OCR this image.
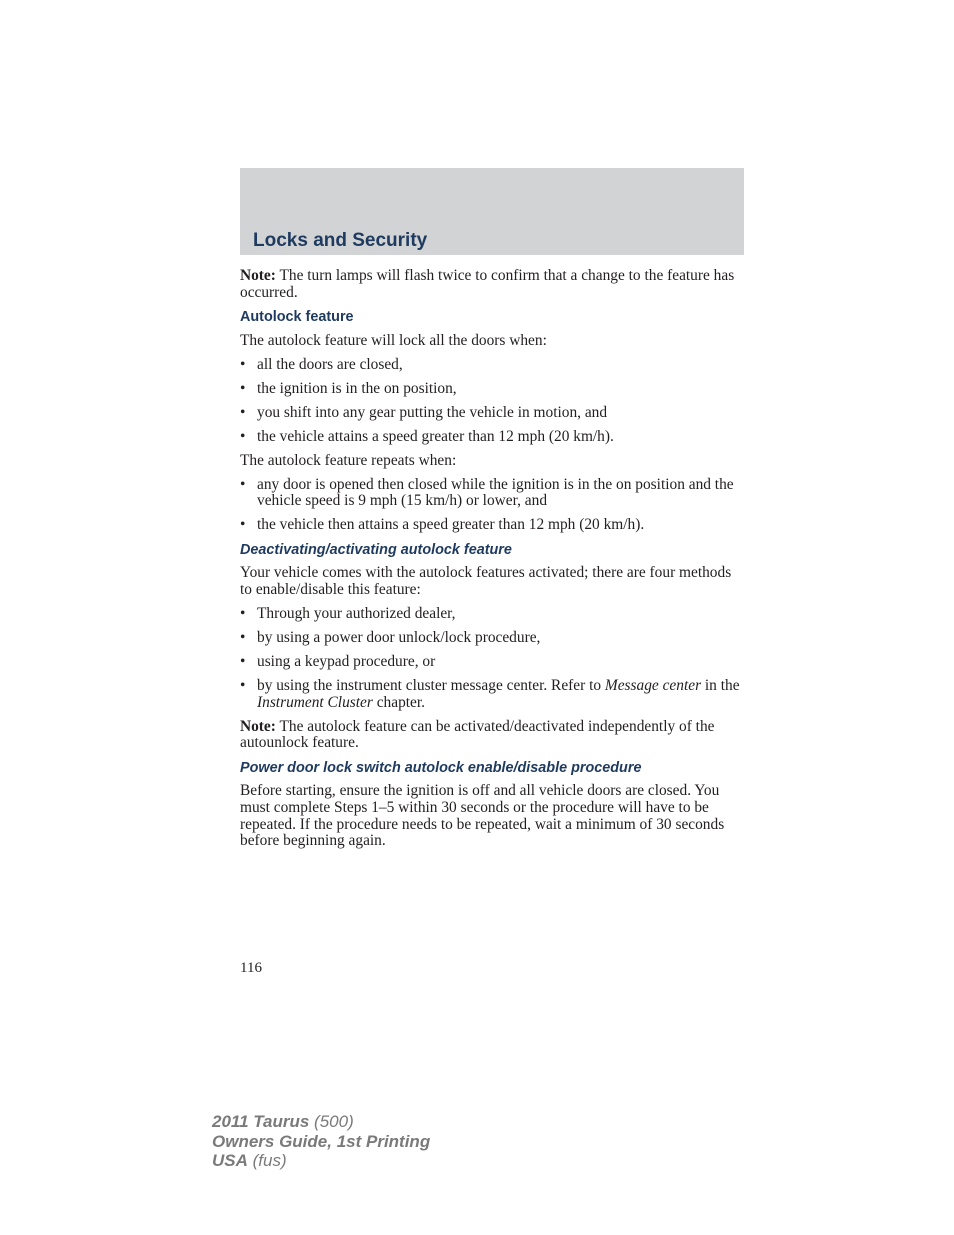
Locks and Security

Note: The turn lamps will flash twice to confirm that a change to the feature has occurred.

Autolock feature

The autolock feature will lock all the doors when:

• all the doors are closed,
• the ignition is in the on position,
• you shift into any gear putting the vehicle in motion, and
• the vehicle attains a speed greater than 12 mph (20 km/h).

The autolock feature repeats when:

• any door is opened then closed while the ignition is in the on position and the vehicle speed is 9 mph (15 km/h) or lower, and
• the vehicle then attains a speed greater than 12 mph (20 km/h).
Deactivating/activating autolock feature

Your vehicle comes with the autolock features activated; there are four methods to enable/disable this feature:

• Through your authorized dealer,
• by using a power door unlock/lock procedure,
• using a keypad procedure, or
• by using the instrument cluster message center. Refer to Message center in the Instrument Cluster chapter.

Note: The autolock feature can be activated/deactivated independently of the autounlock feature.

Power door lock switch autolock enable/disable procedure

Before starting, ensure the ignition is off and all vehicle doors are closed. You must complete Steps 1–5 within 30 seconds or the procedure will have to be repeated. If the procedure needs to be repeated, wait a minimum of 30 seconds before beginning again.

116
2011 Taurus (500)
Owners Guide, 1st Printing
USA (fus)
